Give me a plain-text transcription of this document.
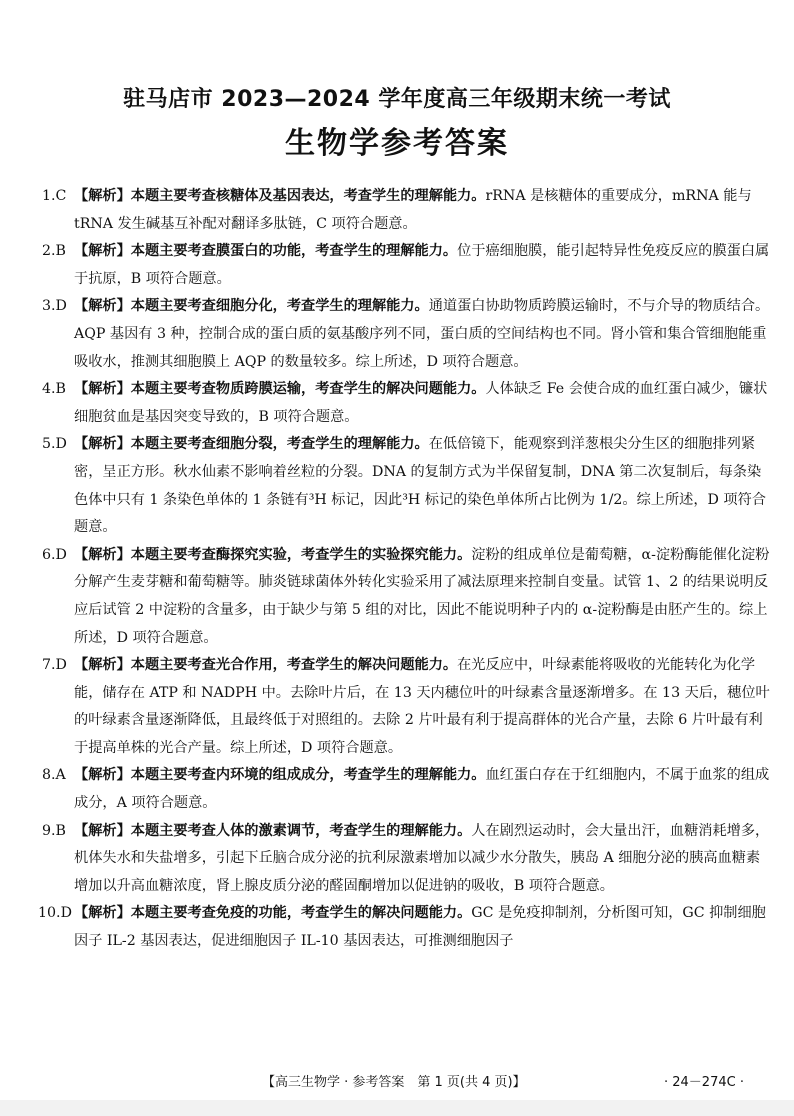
驻马店市 2023—2024 学年度高三年级期末统一考试
生物学参考答案
1.C 【解析】本题主要考查核糖体及基因表达，考查学生的理解能力。rRNA 是核糖体的重要成分，mRNA 能与 tRNA 发生碱基互补配对翻译多肽链，C 项符合题意。
2.B 【解析】本题主要考查膜蛋白的功能，考查学生的理解能力。位于癌细胞膜，能引起特异性免疫反应的膜蛋白属于抗原，B 项符合题意。
3.D 【解析】本题主要考查细胞分化，考查学生的理解能力。通道蛋白协助物质跨膜运输时，不与介导的物质结合。AQP 基因有 3 种，控制合成的蛋白质的氨基酸序列不同，蛋白质的空间结构也不同。肾小管和集合管细胞能重吸收水，推测其细胞膜上 AQP 的数量较多。综上所述，D 项符合题意。
4.B 【解析】本题主要考查物质跨膜运输，考查学生的解决问题能力。人体缺乏 Fe 会使合成的血红蛋白减少，镰状细胞贫血是基因突变导致的，B 项符合题意。
5.D 【解析】本题主要考查细胞分裂，考查学生的理解能力。在低倍镜下，能观察到洋葱根尖分生区的细胞排列紧密，呈正方形。秋水仙素不影响着丝粒的分裂。DNA 的复制方式为半保留复制，DNA 第二次复制后，每条染色体中只有 1 条染色单体的 1 条链有³H 标记，因此³H 标记的染色单体所占比例为 1/2。综上所述，D 项符合题意。
6.D 【解析】本题主要考查酶探究实验，考查学生的实验探究能力。淀粉的组成单位是葡萄糖，α-淀粉酶能催化淀粉分解产生麦芽糖和葡萄糖等。肺炎链球菌体外转化实验采用了减法原理来控制自变量。试管 1、2 的结果说明反应后试管 2 中淀粉的含量多，由于缺少与第 5 组的对比，因此不能说明种子内的 α-淀粉酶是由胚产生的。综上所述，D 项符合题意。
7.D 【解析】本题主要考查光合作用，考查学生的解决问题能力。在光反应中，叶绿素能将吸收的光能转化为化学能，储存在 ATP 和 NADPH 中。去除叶片后，在 13 天内穗位叶的叶绿素含量逐渐增多。在 13 天后，穗位叶的叶绿素含量逐渐降低，且最终低于对照组的。去除 2 片叶最有利于提高群体的光合产量，去除 6 片叶最有利于提高单株的光合产量。综上所述，D 项符合题意。
8.A 【解析】本题主要考查内环境的组成成分，考查学生的理解能力。血红蛋白存在于红细胞内，不属于血浆的组成成分，A 项符合题意。
9.B 【解析】本题主要考查人体的激素调节，考查学生的理解能力。人在剧烈运动时，会大量出汗，血糖消耗增多，机体失水和失盐增多，引起下丘脑合成分泌的抗利尿激素增加以减少水分散失，胰岛 A 细胞分泌的胰高血糖素增加以升高血糖浓度，肾上腺皮质分泌的醛固酮增加以促进钠的吸收，B 项符合题意。
10.D 【解析】本题主要考查免疫的功能，考查学生的解决问题能力。GC 是免疫抑制剂，分析图可知，GC 抑制细胞因子 IL-2 基因表达，促进细胞因子 IL-10 基因表达，可推测细胞因子
【高三生物学 · 参考答案　第 1 页(共 4 页)】	· 24－274C ·
